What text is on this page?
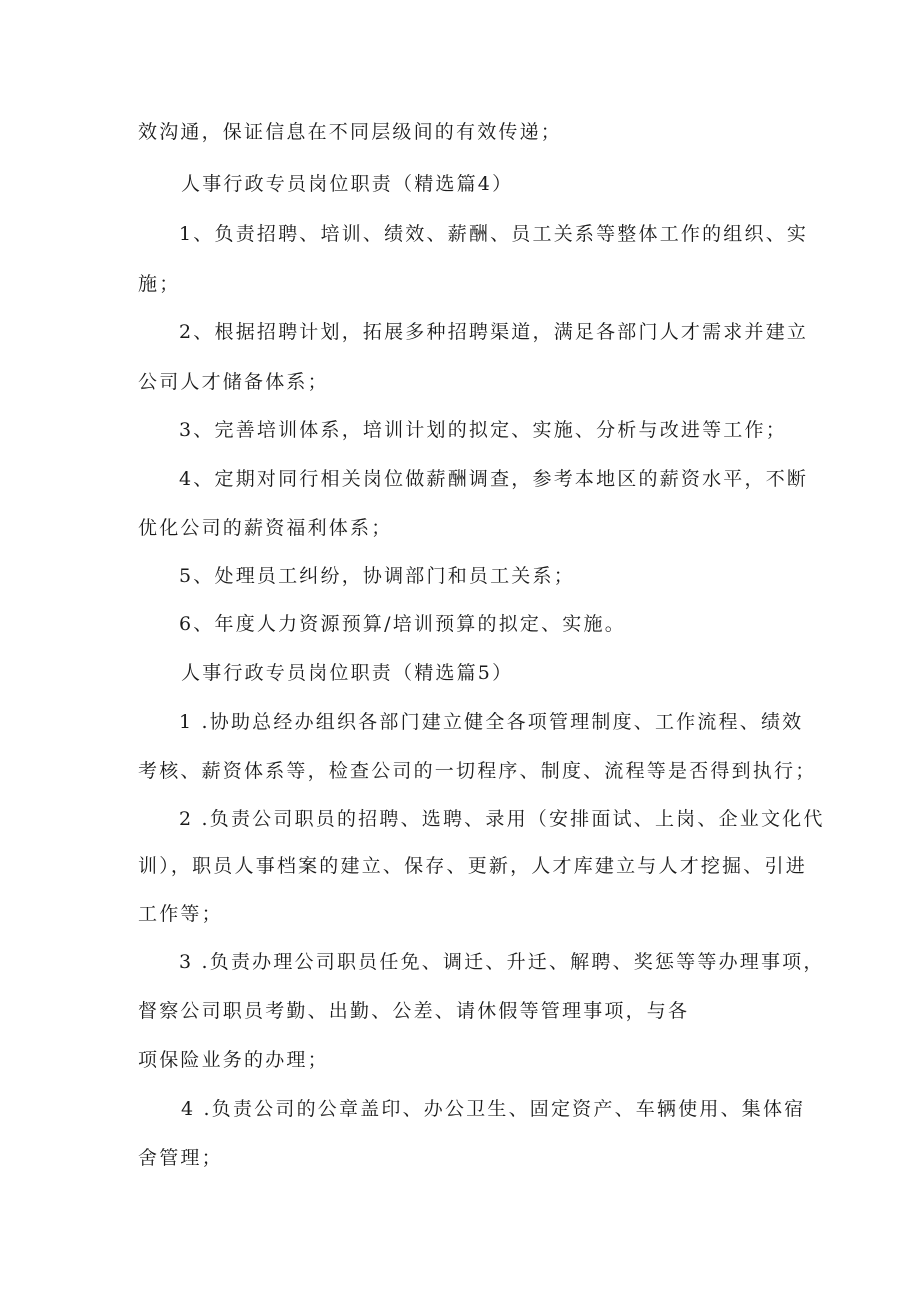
效沟通，保证信息在不同层级间的有效传递；
人事行政专员岗位职责（精选篇4）
1、负责招聘、培训、绩效、薪酬、员工关系等整体工作的组织、实
施；
2、根据招聘计划，拓展多种招聘渠道，满足各部门人才需求并建立
公司人才储备体系；
3、完善培训体系，培训计划的拟定、实施、分析与改进等工作；
4、定期对同行相关岗位做薪酬调查，参考本地区的薪资水平，不断
优化公司的薪资福利体系；
5、处理员工纠纷，协调部门和员工关系；
6、年度人力资源预算/培训预算的拟定、实施。
人事行政专员岗位职责（精选篇5）
1 .协助总经办组织各部门建立健全各项管理制度、工作流程、绩效
考核、薪资体系等，检查公司的一切程序、制度、流程等是否得到执行；
2 .负责公司职员的招聘、选聘、录用（安排面试、上岗、企业文化代
训），职员人事档案的建立、保存、更新，人才库建立与人才挖掘、引进
工作等；
3 .负责办理公司职员任免、调迁、升迁、解聘、奖惩等等办理事项，
督察公司职员考勤、出勤、公差、请休假等管理事项，与各
项保险业务的办理；
4 .负责公司的公章盖印、办公卫生、固定资产、车辆使用、集体宿
舍管理；
